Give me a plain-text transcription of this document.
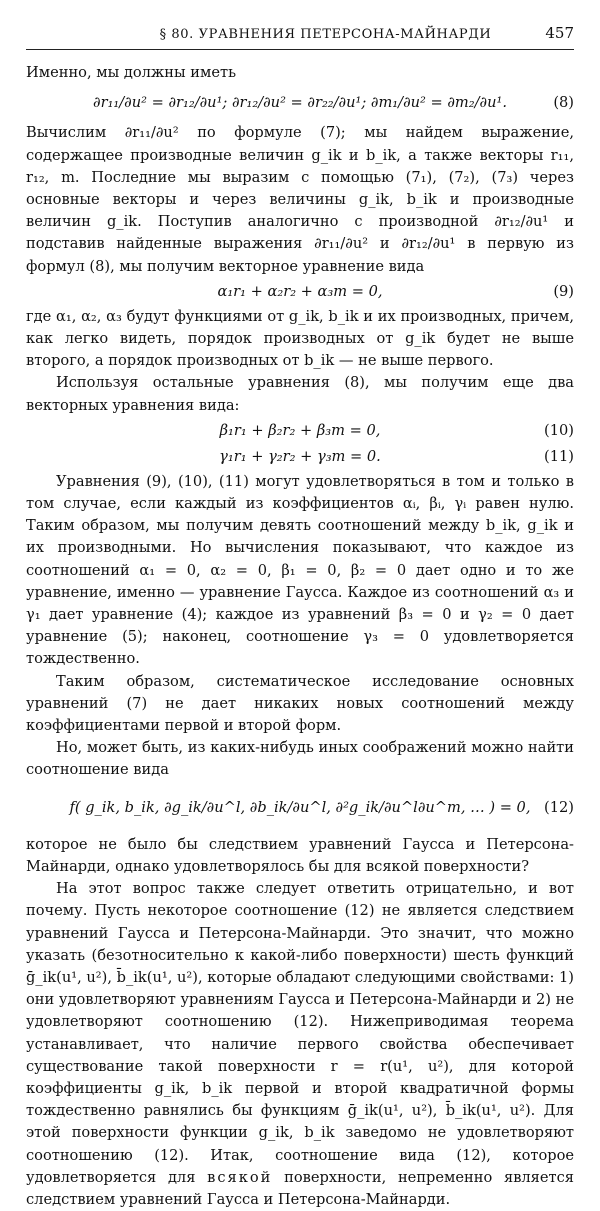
§ 80. УРАВНЕНИЯ ПЕТЕРСОНА-МАЙНАРДИ	457

Именно, мы должны иметь

∂r₁₁/∂u² = ∂r₁₂/∂u¹; ∂r₁₂/∂u² = ∂r₂₂/∂u¹; ∂m₁/∂u² = ∂m₂/∂u¹.	(8)

Вычислим ∂r₁₁/∂u² по формуле (7); мы найдем выражение, содержащее производные величин g_ik и b_ik, а также векторы r₁₁, r₁₂, m. Последние мы выразим с помощью (7₁), (7₂), (7₃) через основные векторы и через величины g_ik, b_ik и производные величин g_ik. Поступив аналогично с производной ∂r₁₂/∂u¹ и подставив найденные выражения ∂r₁₁/∂u² и ∂r₁₂/∂u¹ в первую из формул (8), мы получим векторное уравнение вида

α₁r₁ + α₂r₂ + α₃m = 0,	(9)

где α₁, α₂, α₃ будут функциями от g_ik, b_ik и их производных, причем, как легко видеть, порядок производных от g_ik будет не выше второго, а порядок производных от b_ik — не выше первого.

Используя остальные уравнения (8), мы получим еще два векторных уравнения вида:

β₁r₁ + β₂r₂ + β₃m = 0,	(10)
γ₁r₁ + γ₂r₂ + γ₃m = 0.	(11)

Уравнения (9), (10), (11) могут удовлетворяться в том и только в том случае, если каждый из коэффициентов αᵢ, βᵢ, γᵢ равен нулю. Таким образом, мы получим девять соотношений между b_ik, g_ik и их производными. Но вычисления показывают, что каждое из соотношений α₁ = 0, α₂ = 0, β₁ = 0, β₂ = 0 дает одно и то же уравнение, именно — уравнение Гаусса. Каждое из соотношений α₃ и γ₁ дает уравнение (4); каждое из уравнений β₃ = 0 и γ₂ = 0 дает уравнение (5); наконец, соотношение γ₃ = 0 удовлетворяется тождественно.

Таким образом, систематическое исследование основных уравнений (7) не дает никаких новых соотношений между коэффициентами первой и второй форм.

Но, может быть, из каких-нибудь иных соображений можно найти соотношение вида

f( g_ik, b_ik, ∂g_ik/∂u^l, ∂b_ik/∂u^l, ∂²g_ik/∂u^l∂u^m, … ) = 0, (12)

которое не было бы следствием уравнений Гаусса и Петерсона-Майнарди, однако удовлетворялось бы для всякой поверхности?

На этот вопрос также следует ответить отрицательно, и вот почему. Пусть некоторое соотношение (12) не является следствием уравнений Гаусса и Петерсона-Майнарди. Это значит, что можно указать (безотносительно к какой-либо поверхности) шесть функций ḡ_ik(u¹, u²), b̄_ik(u¹, u²), которые обладают следующими свойствами: 1) они удовлетворяют уравнениям Гаусса и Петерсона-Майнарди и 2) не удовлетворяют соотношению (12). Нижеприводимая теорема устанавливает, что наличие первого свойства обеспечивает существование такой поверхности r = r(u¹, u²), для которой коэффициенты g_ik, b_ik первой и второй квадратичной формы тождественно равнялись бы функциям ḡ_ik(u¹, u²), b̄_ik(u¹, u²). Для этой поверхности функции g_ik, b_ik заведомо не удовлетворяют соотношению (12). Итак, соотношение вида (12), которое удовлетворяется для всякой поверхности, непременно является следствием уравнений Гаусса и Петерсона-Майнарди.
